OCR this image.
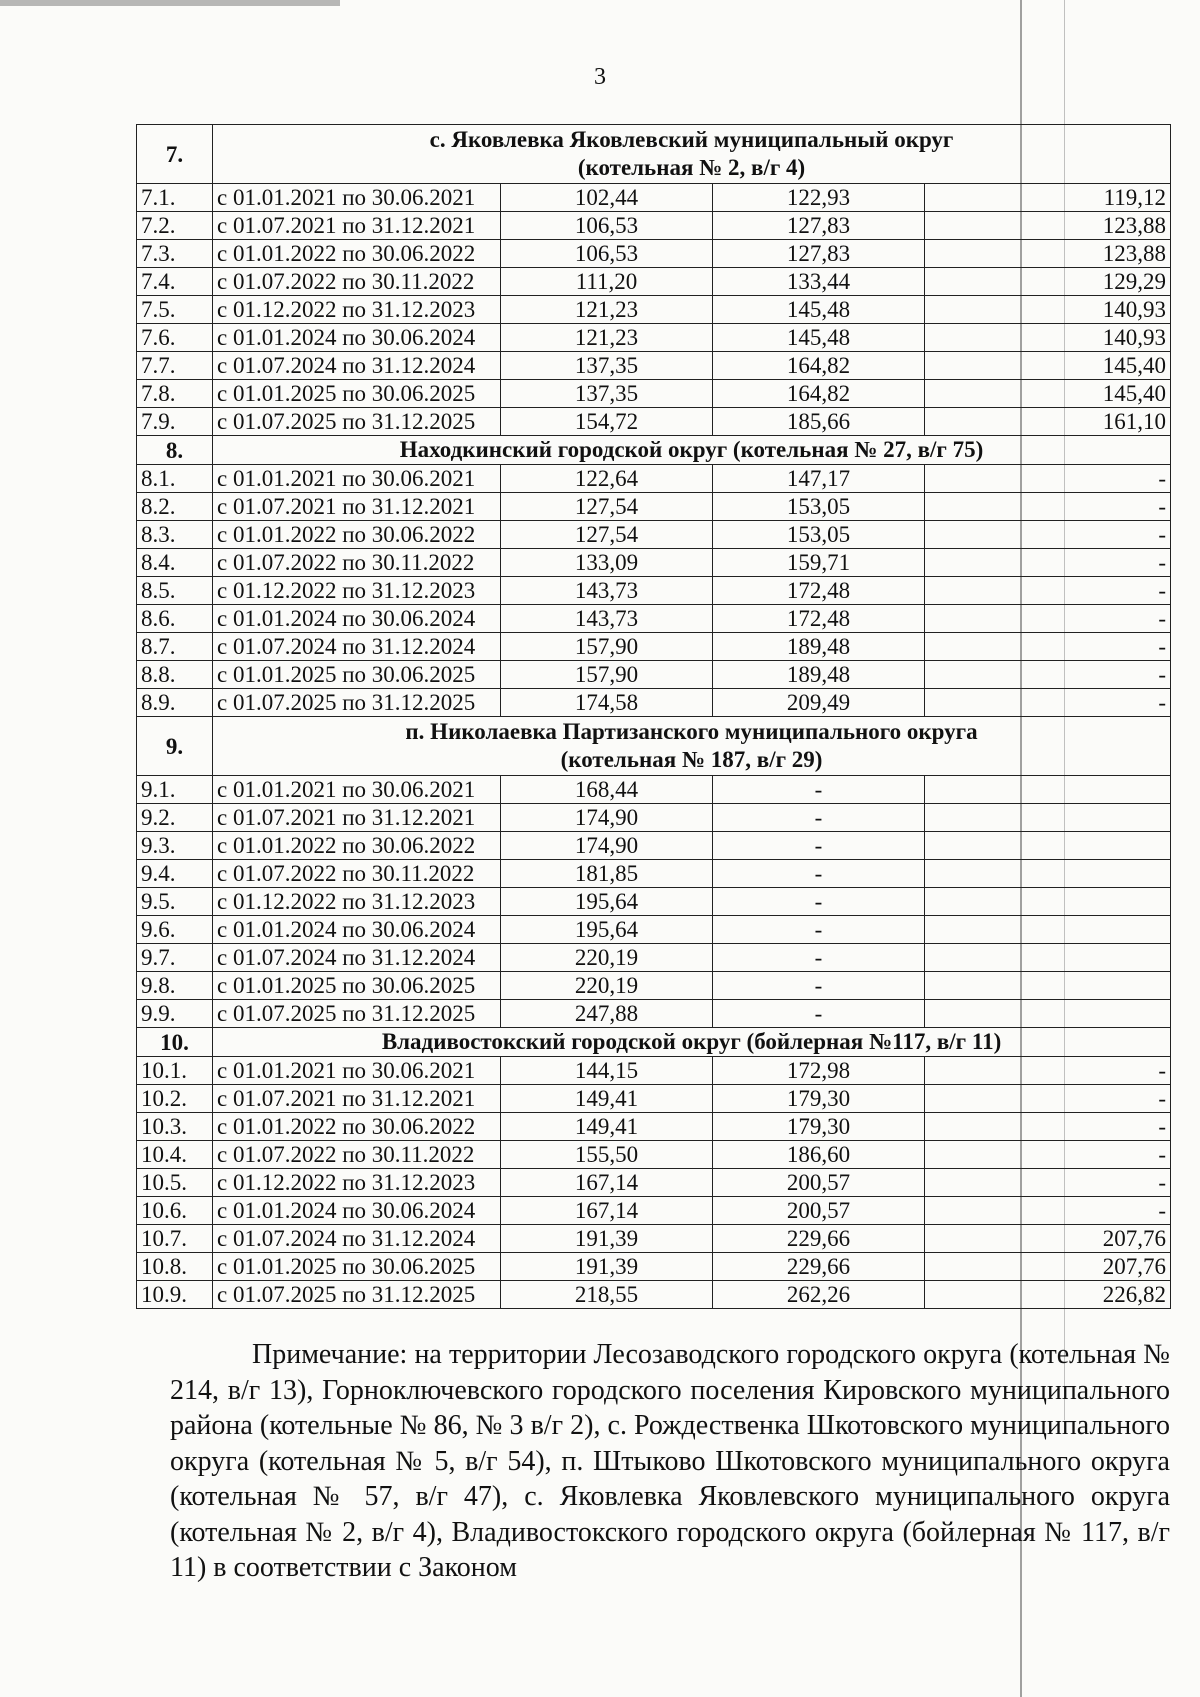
3
7.	с. Яковлевка Яковлевский муниципальный округ
(котельная № 2, в/г 4)			

7.1.	с 01.01.2021 по 30.06.2021	102,44	122,93	119,12
7.2.	с 01.07.2021 по 31.12.2021	106,53	127,83	123,88
7.3.	с 01.01.2022 по 30.06.2022	106,53	127,83	123,88
7.4.	с 01.07.2022 по 30.11.2022	111,20	133,44	129,29
7.5.	с 01.12.2022 по 31.12.2023	121,23	145,48	140,93
7.6.	с 01.01.2024 по 30.06.2024	121,23	145,48	140,93
7.7.	с 01.07.2024 по 31.12.2024	137,35	164,82	145,40
7.8.	с 01.01.2025 по 30.06.2025	137,35	164,82	145,40
7.9.	с 01.07.2025 по 31.12.2025	154,72	185,66	161,10
8.	Находкинский городской округ (котельная № 27, в/г 75)			

8.1.	с 01.01.2021 по 30.06.2021	122,64	147,17	-
8.2.	с 01.07.2021 по 31.12.2021	127,54	153,05	-
8.3.	с 01.01.2022 по 30.06.2022	127,54	153,05	-
8.4.	с 01.07.2022 по 30.11.2022	133,09	159,71	-
8.5.	с 01.12.2022 по 31.12.2023	143,73	172,48	-
8.6.	с 01.01.2024 по 30.06.2024	143,73	172,48	-
8.7.	с 01.07.2024 по 31.12.2024	157,90	189,48	-
8.8.	с 01.01.2025 по 30.06.2025	157,90	189,48	-
8.9.	с 01.07.2025 по 31.12.2025	174,58	209,49	-
9.	п. Николаевка Партизанского муниципального округа
(котельная № 187, в/г 29)			

9.1.	с 01.01.2021 по 30.06.2021	168,44	-	
9.2.	с 01.07.2021 по 31.12.2021	174,90	-	
9.3.	с 01.01.2022 по 30.06.2022	174,90	-	
9.4.	с 01.07.2022 по 30.11.2022	181,85	-	
9.5.	с 01.12.2022 по 31.12.2023	195,64	-	
9.6.	с 01.01.2024 по 30.06.2024	195,64	-	
9.7.	с 01.07.2024 по 31.12.2024	220,19	-	
9.8.	с 01.01.2025 по 30.06.2025	220,19	-	
9.9.	с 01.07.2025 по 31.12.2025	247,88	-	
10.	Владивостокский городской округ (бойлерная №117, в/г 11)			

10.1.	с 01.01.2021 по 30.06.2021	144,15	172,98	-
10.2.	с 01.07.2021 по 31.12.2021	149,41	179,30	-
10.3.	с 01.01.2022 по 30.06.2022	149,41	179,30	-
10.4.	с 01.07.2022 по 30.11.2022	155,50	186,60	-
10.5.	с 01.12.2022 по 31.12.2023	167,14	200,57	-
10.6.	с 01.01.2024 по 30.06.2024	167,14	200,57	-
10.7.	с 01.07.2024 по 31.12.2024	191,39	229,66	207,76
10.8.	с 01.01.2025 по 30.06.2025	191,39	229,66	207,76
10.9.	с 01.07.2025 по 31.12.2025	218,55	262,26	226,82

Примечание: на территории Лесозаводского городского округа (котельная № 214, в/г 13), Горноключевского городского поселения Кировского муниципального района (котельные № 86, № 3 в/г 2), с. Рождественка Шкотовского муниципального округа (котельная № 5, в/г 54), п. Штыково Шкотовского муниципального округа (котельная № 57, в/г 47), с. Яковлевка Яковлевского муниципального округа (котельная № 2, в/г 4), Владивостокского городского округа (бойлерная № 117, в/г 11) в соответствии с Законом
